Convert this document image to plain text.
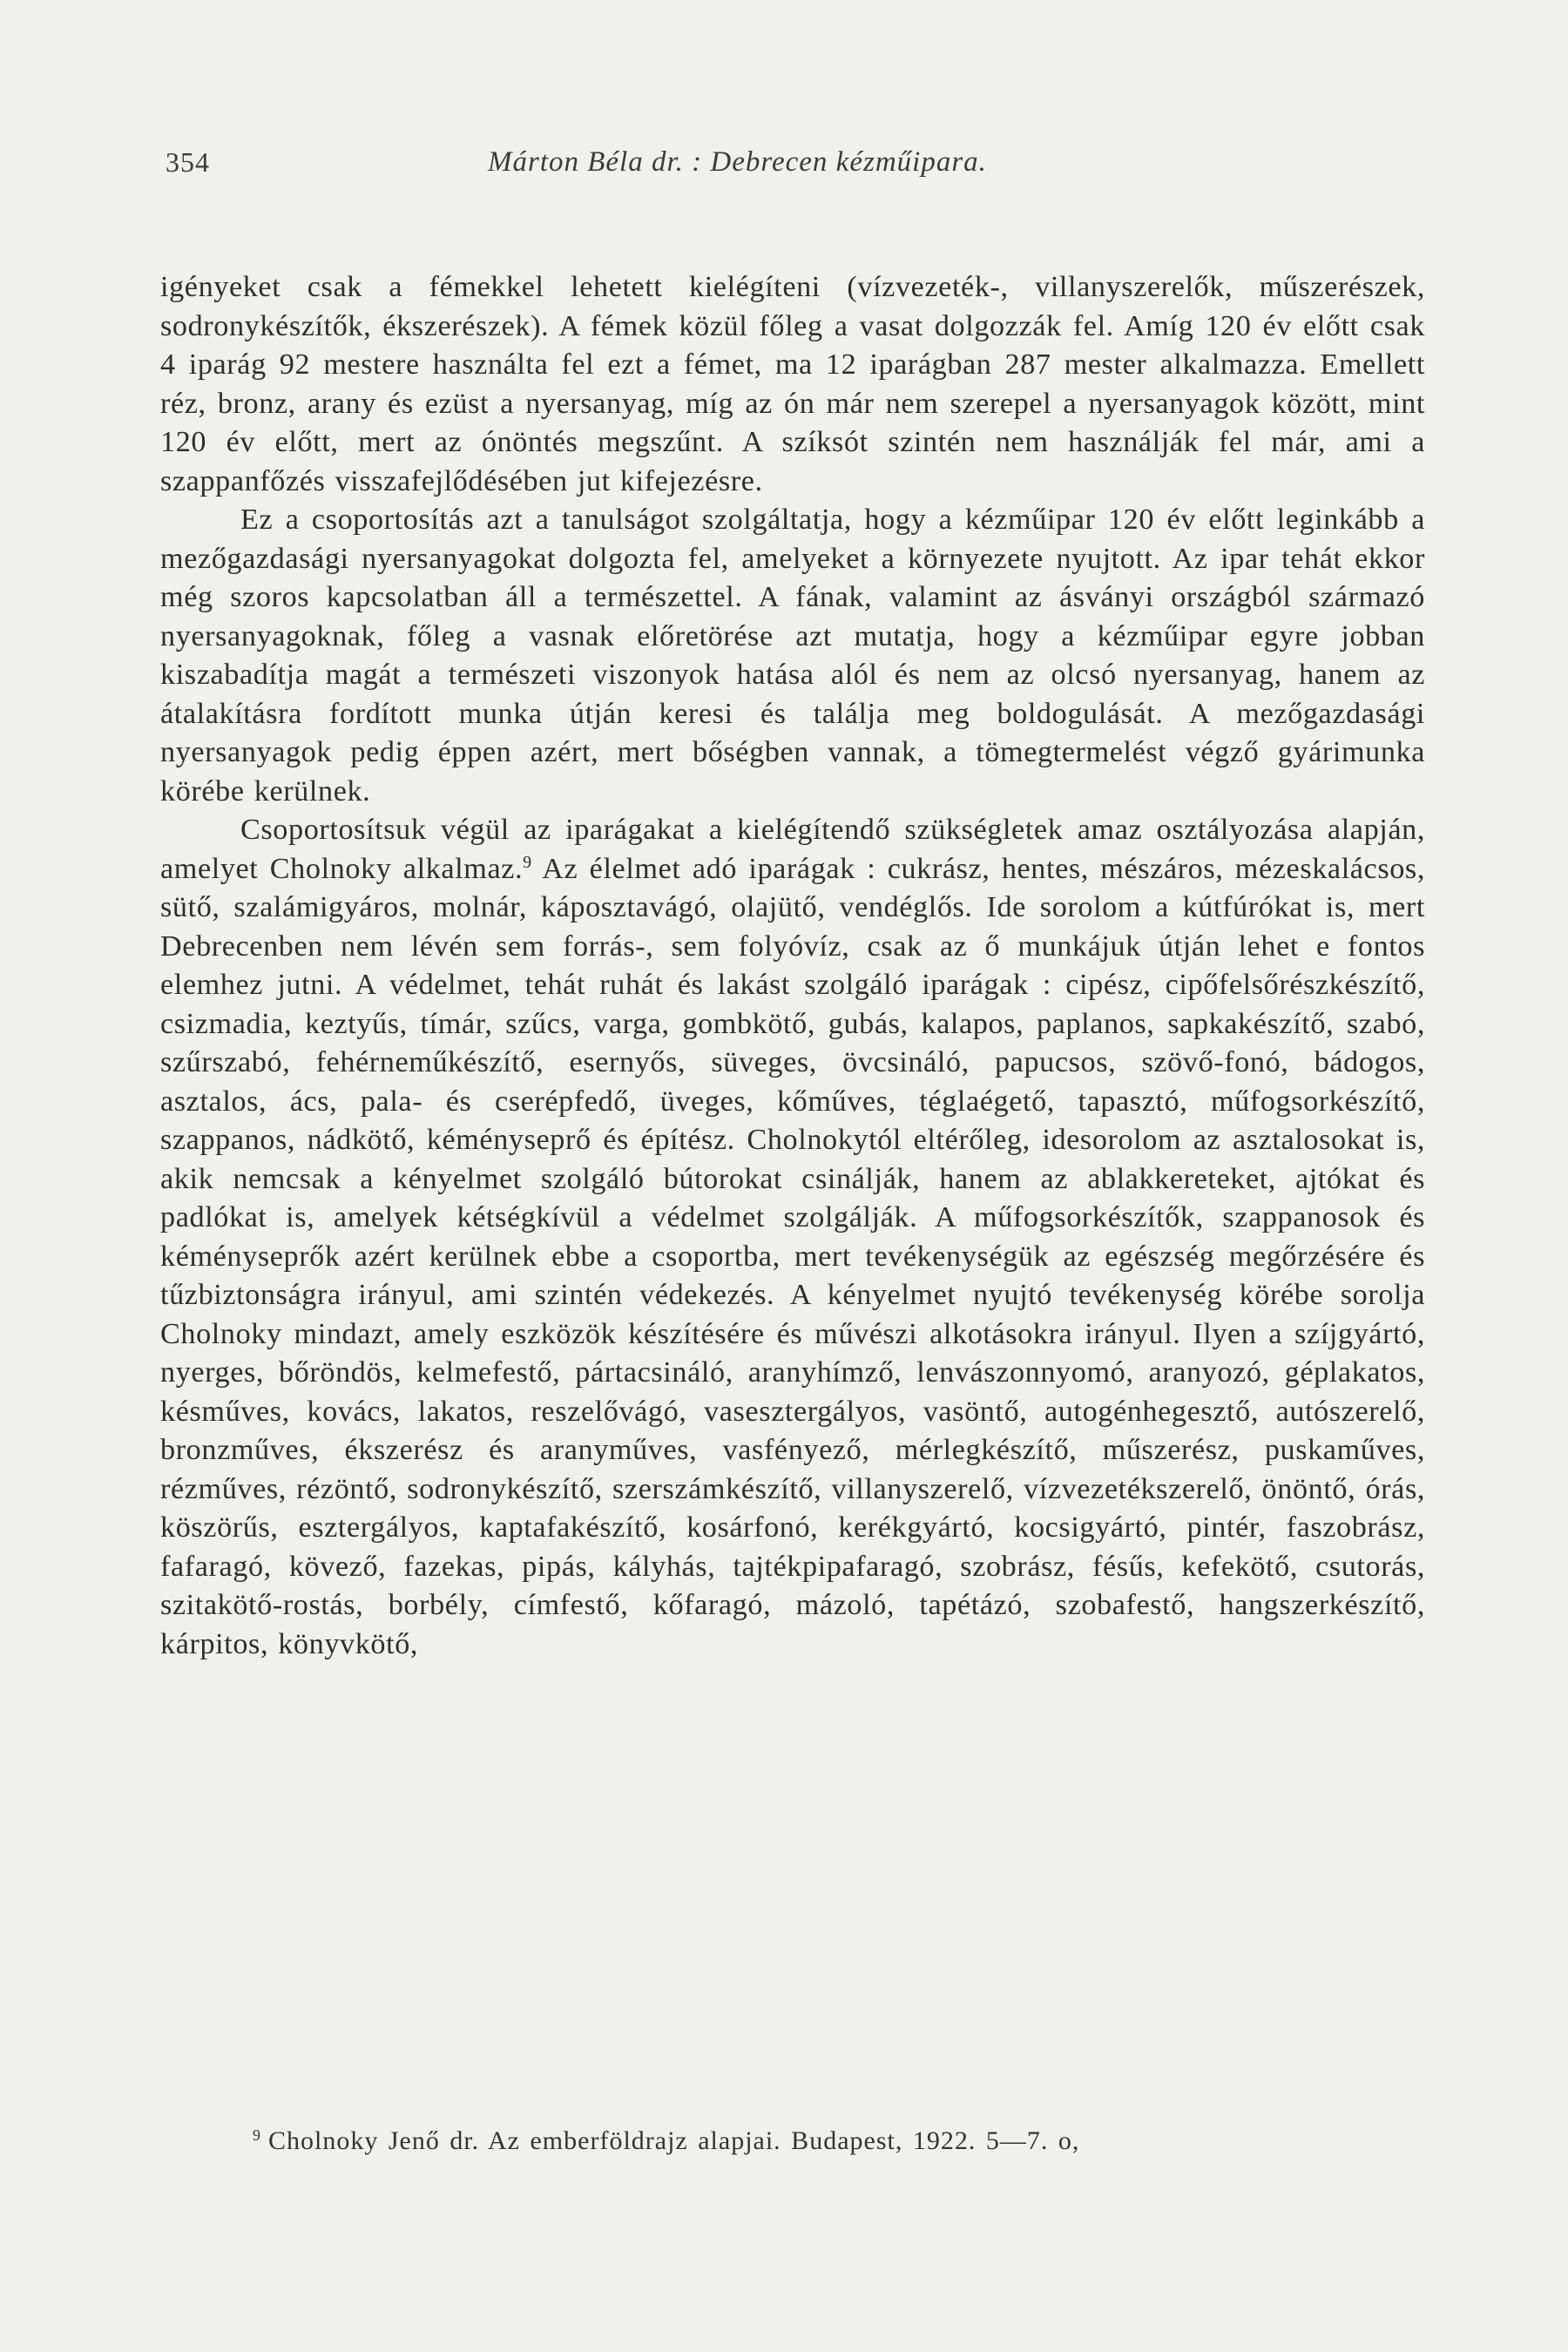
354	Márton Béla dr. : Debrecen kézműipara.

igényeket csak a fémekkel lehetett kielégíteni (vízvezeték-, villanyszerelők, műszerészek, sodronykészítők, ékszerészek). A fémek közül főleg a vasat dolgozzák fel. Amíg 120 év előtt csak 4 iparág 92 mestere használta fel ezt a fémet, ma 12 iparágban 287 mester alkalmazza. Emellett réz, bronz, arany és ezüst a nyersanyag, míg az ón már nem szerepel a nyersanyagok között, mint 120 év előtt, mert az ónöntés megszűnt. A szíksót szintén nem használják fel már, ami a szappanfőzés visszafejlődésében jut kifejezésre.

Ez a csoportosítás azt a tanulságot szolgáltatja, hogy a kézműipar 120 év előtt leginkább a mezőgazdasági nyersanyagokat dolgozta fel, amelyeket a környezete nyujtott. Az ipar tehát ekkor még szoros kapcsolatban áll a természettel. A fának, valamint az ásványi országból származó nyersanyagoknak, főleg a vasnak előretörése azt mutatja, hogy a kézműipar egyre jobban kiszabadítja magát a természeti viszonyok hatása alól és nem az olcsó nyersanyag, hanem az átalakításra fordított munka útján keresi és találja meg boldogulását. A mezőgazdasági nyersanyagok pedig éppen azért, mert bőségben vannak, a tömegtermelést végző gyárimunka körébe kerülnek.

Csoportosítsuk végül az iparágakat a kielégítendő szükségletek amaz osztályozása alapján, amelyet Cholnoky alkalmaz.$^9$ Az élelmet adó iparágak : cukrász, hentes, mészáros, mézeskalácsos, sütő, szalámigyáros, molnár, káposztavágó, olajütő, vendéglős. Ide sorolom a kútfúrókat is, mert Debrecenben nem lévén sem forrás-, sem folyóvíz, csak az ő munkájuk útján lehet e fontos elemhez jutni. A védelmet, tehát ruhát és lakást szolgáló iparágak : cipész, cipőfelsőrészkészítő, csizmadia, keztyűs, tímár, szűcs, varga, gombkötő, gubás, kalapos, paplanos, sapkakészítő, szabó, szűrszabó, fehérneműkészítő, esernyős, süveges, övcsináló, papucsos, szövő-fonó, bádogos, asztalos, ács, pala- és cserépfedő, üveges, kőműves, téglaégető, tapasztó, műfogsorkészítő, szappanos, nádkötő, kéményseprő és építész. Cholnokytól eltérőleg, idesorolom az asztalosokat is, akik nemcsak a kényelmet szolgáló bútorokat csinálják, hanem az ablakkereteket, ajtókat és padlókat is, amelyek kétségkívül a védelmet szolgálják. A műfogsorkészítők, szappanosok és kéményseprők azért kerülnek ebbe a csoportba, mert tevékenységük az egészség megőrzésére és tűzbiztonságra irányul, ami szintén védekezés. A kényelmet nyujtó tevékenység körébe sorolja Cholnoky mindazt, amely eszközök készítésére és művészi alkotásokra irányul. Ilyen a szíjgyártó, nyerges, bőröndös, kelmefestő, pártacsináló, aranyhímző, lenvászonnyomó, aranyozó, géplakatos, késműves, kovács, lakatos, reszelővágó, vasesztergályos, vasöntő, autogénhegesztő, autószerelő, bronzműves, ékszerész és aranyműves, vasfényező, mérlegkészítő, műszerész, puskaműves, rézműves, rézöntő, sodronykészítő, szerszámkészítő, villanyszerelő, vízvezetékszerelő, önöntő, órás, köszörűs, esztergályos, kaptafakészítő, kosárfonó, kerékgyártó, kocsigyártó, pintér, faszobrász, fafaragó, kövező, fazekas, pipás, kályhás, tajtékpipafaragó, szobrász, fésűs, kefekötő, csutorás, szitakötő-rostás, borbély, címfestő, kőfaragó, mázoló, tapétázó, szobafestő, hangszerkészítő, kárpitos, könyvkötő,

$^9$ Cholnoky Jenő dr. Az emberföldrajz alapjai. Budapest, 1922. 5—7. o,
